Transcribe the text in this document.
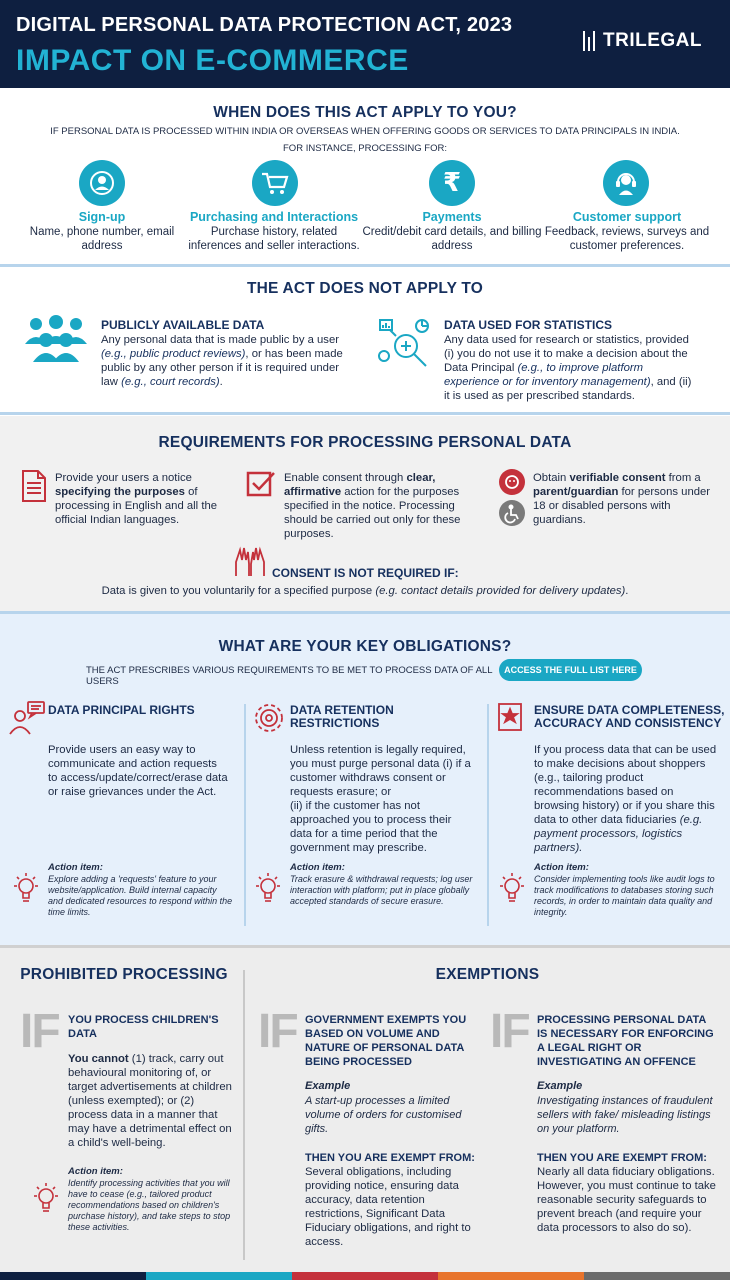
DIGITAL PERSONAL DATA PROTECTION ACT, 2023
IMPACT ON E-COMMERCE
TRILEGAL
WHEN DOES THIS ACT APPLY TO YOU?
IF PERSONAL DATA IS PROCESSED WITHIN INDIA OR OVERSEAS WHEN OFFERING GOODS OR SERVICES TO DATA PRINCIPALS IN INDIA.
FOR INSTANCE, PROCESSING FOR:
₹
Sign-up
Name, phone number, email address
Purchasing and Interactions
Purchase history, related inferences and seller interactions.
Payments
Credit/debit card details, and billing address
Customer support
Feedback, reviews, surveys and customer preferences.
THE ACT DOES NOT APPLY TO
PUBLICLY AVAILABLE DATA
Any personal data that is made public by a user (e.g., public product reviews), or has been made public by any other person if it is required under law (e.g., court records).
DATA USED FOR STATISTICS
Any data used for research or statistics, provided (i) you do not use it to make a decision about the Data Principal (e.g., to improve platform experience or for inventory management), and (ii) it is used as per prescribed standards.
REQUIREMENTS FOR PROCESSING PERSONAL DATA
Provide your users a notice specifying the purposes of processing in English and all the official Indian languages.
Enable consent through clear, affirmative action for the purposes specified in the notice. Processing should be carried out only for these purposes.
Obtain verifiable consent from a parent/guardian for persons under 18 or disabled persons with guardians.
CONSENT IS NOT REQUIRED IF:
Data is given to you voluntarily for a specified purpose (e.g. contact details provided for delivery updates).
WHAT ARE YOUR KEY OBLIGATIONS?
THE ACT PRESCRIBES VARIOUS REQUIREMENTS TO BE MET TO PROCESS DATA OF ALL USERS
ACCESS THE FULL LIST HERE
DATA PRINCIPAL RIGHTS
Provide users an easy way to communicate and action requests to access/update/correct/erase data or raise grievances under the Act.
Action item:
Explore adding a 'requests' feature to your website/application. Build internal capacity and dedicated resources to respond within the time limits.
DATA RETENTION
RESTRICTIONS
Unless retention is legally required, you must purge personal data (i) if a customer withdraws consent or requests erasure; or
(ii) if the customer has not approached you to process their data for a time period that the government may prescribe.
Action item:
Track erasure & withdrawal requests; log user interaction with platform; put in place globally accepted standards of secure erasure.
ENSURE DATA COMPLETENESS,
ACCURACY AND CONSISTENCY
If you process data that can be used to make decisions about shoppers (e.g., tailoring product recommendations based on browsing history) or if you share this data to other data fiduciaries (e.g. payment processors, logistics partners).
Action item:
Consider implementing tools like audit logs to track modifications to databases storing such records, in order to maintain data quality and integrity.
PROHIBITED PROCESSING	EXEMPTIONS
IF YOU PROCESS CHILDREN'S
DATA
You cannot (1) track, carry out behavioural monitoring of, or target advertisements at children (unless exempted); or (2) process data in a manner that may have a detrimental effect on a child's well-being.
Action item:
Identify processing activities that you will have to cease (e.g., tailored product recommendations based on children's purchase history), and take steps to stop these activities.
IF GOVERNMENT EXEMPTS YOU BASED ON VOLUME AND NATURE OF PERSONAL DATA BEING PROCESSED
Example
A start-up processes a limited volume of orders for customised gifts.
THEN YOU ARE EXEMPT FROM:
Several obligations, including providing notice, ensuring data accuracy, data retention restrictions, Significant Data Fiduciary obligations, and right to access.
IF PROCESSING PERSONAL DATA IS NECESSARY FOR ENFORCING A LEGAL RIGHT OR INVESTIGATING AN OFFENCE
Example
Investigating instances of fraudulent sellers with fake/ misleading listings on your platform.
THEN YOU ARE EXEMPT FROM:
Nearly all data fiduciary obligations. However, you must continue to take reasonable security safeguards to prevent breach (and require your data processors to also do so).
